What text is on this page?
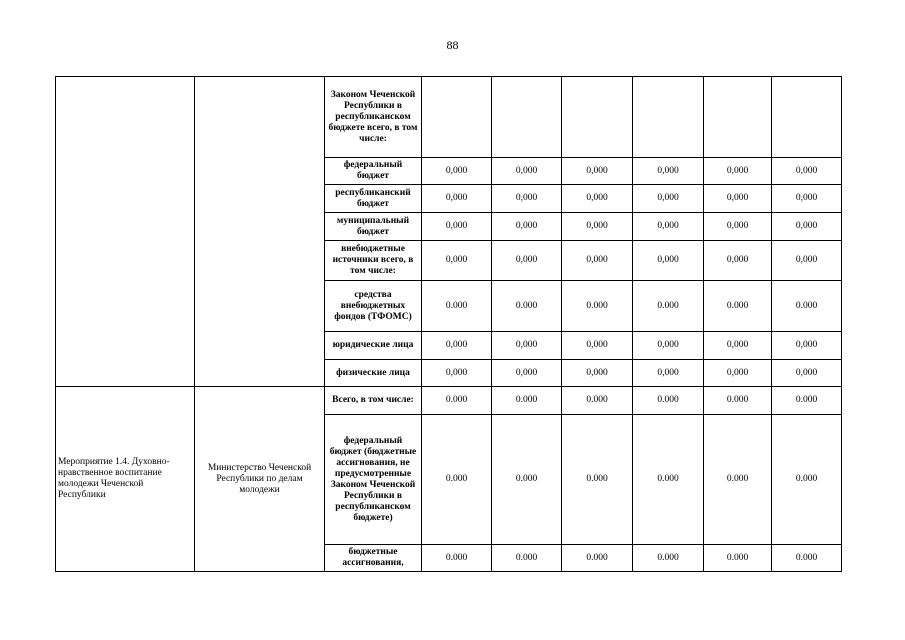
88
		Законом Чеченской Республики в республиканском бюджете всего, в том числе:						
		федеральный бюджет	0,000	0,000	0,000	0,000	0,000	0,000
		республиканский бюджет	0,000	0,000	0,000	0,000	0,000	0,000
		муниципальный бюджет	0,000	0,000	0,000	0,000	0,000	0,000
		внебюджетные источники всего, в том числе:	0,000	0,000	0,000	0,000	0,000	0,000
		средства внебюджетных фондов (ТФОМС)	0.000	0.000	0.000	0.000	0.000	0.000
		юридические лица	0,000	0,000	0,000	0,000	0,000	0,000
		физические лица	0,000	0,000	0,000	0,000	0,000	0,000
Мероприятие 1.4. Духовно-нравственное воспитание молодежи Чеченской Республики	Министерство Чеченской Республики по делам молодежи	Всего, в том числе:	0.000	0.000	0.000	0.000	0.000	0.000
		федеральный бюджет (бюджетные ассигнования, не предусмотренные Законом Чеченской Республики в республиканском бюджете)	0.000	0.000	0.000	0.000	0.000	0.000
		бюджетные ассигнования,	0.000	0.000	0.000	0.000	0.000	0.000
